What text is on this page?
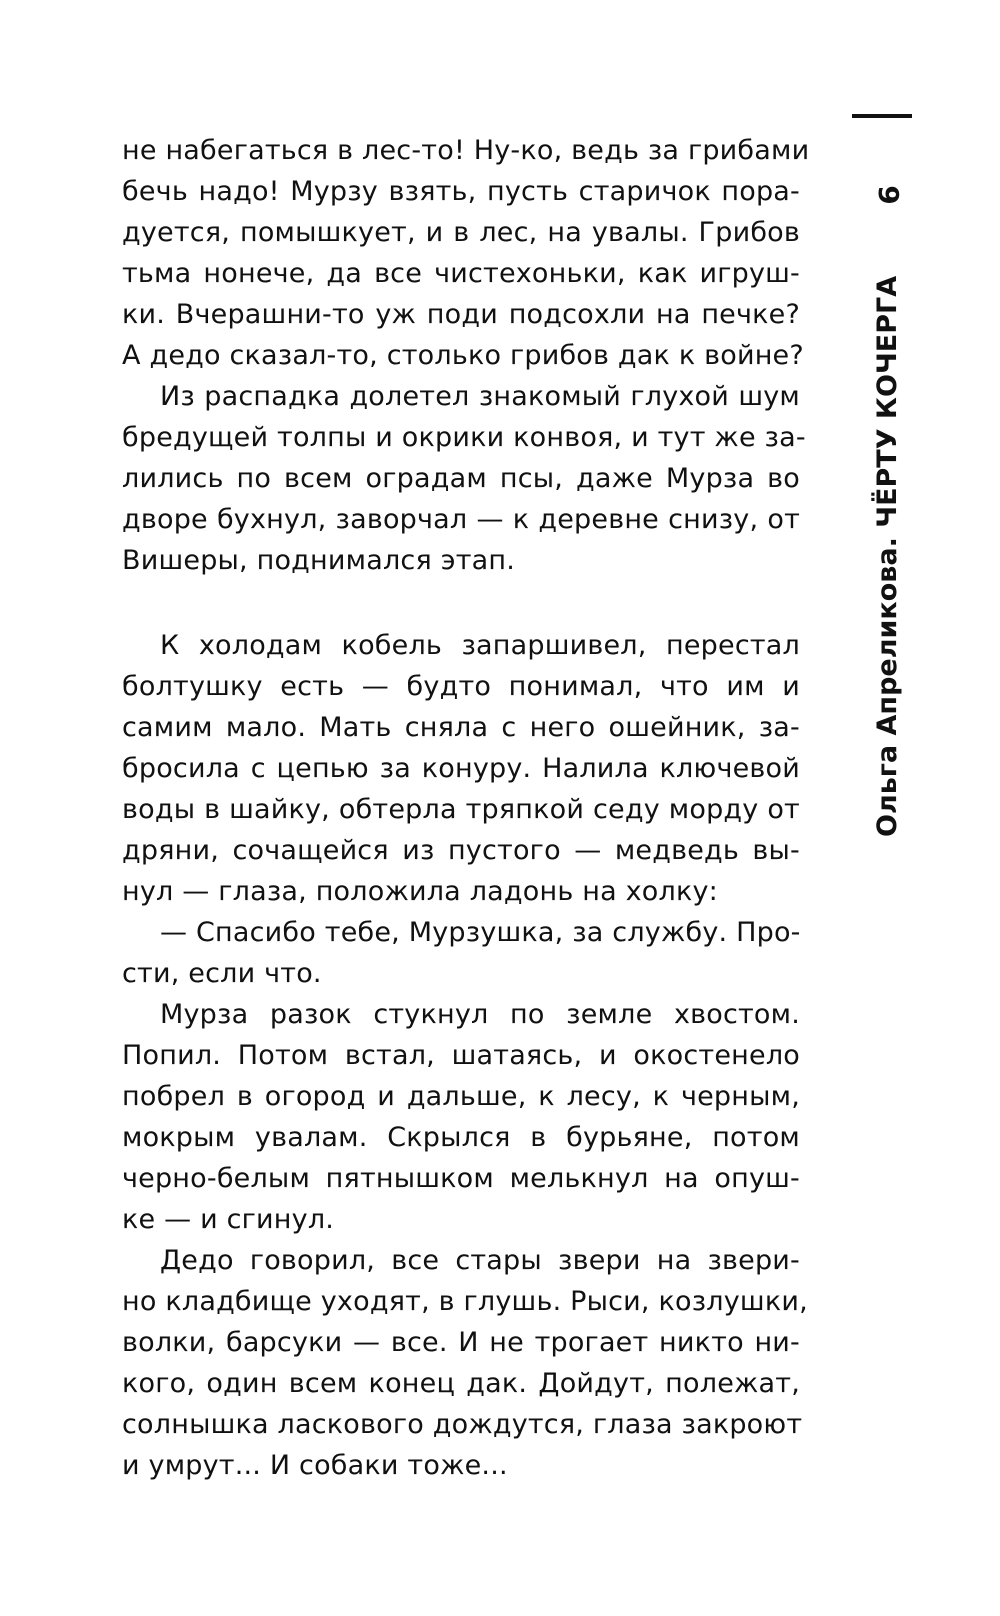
9
Ольга Апреликова. ЧЁРТУ КОЧЕРГА
не набегаться в лес-то! Ну-ко, ведь за грибами
бечь надо! Мурзу взять, пусть старичок пора-
дуется, помышкует, и в лес, на увалы. Грибов
тьма нонече, да все чистехоньки, как игруш-
ки. Вчерашни-то уж поди подсохли на печке?
А дедо сказал-то, столько грибов дак к войне?
Из распадка долетел знакомый глухой шум
бредущей толпы и окрики конвоя, и тут же за-
лились по всем оградам псы, даже Мурза во
дворе бухнул, заворчал — к деревне снизу, от
Вишеры, поднимался этап.
К холодам кобель запаршивел, перестал
болтушку есть — будто понимал, что им и
самим мало. Мать сняла с него ошейник, за-
бросила с цепью за конуру. Налила ключевой
воды в шайку, обтерла тряпкой седу морду от
дряни, сочащейся из пустого — медведь вы-
нул — глаза, положила ладонь на холку:
— Спасибо тебе, Мурзушка, за службу. Про-
сти, если что.
Мурза разок стукнул по земле хвостом.
Попил. Потом встал, шатаясь, и окостенело
побрел в огород и дальше, к лесу, к черным,
мокрым увалам. Скрылся в бурьяне, потом
черно-белым пятнышком мелькнул на опуш-
ке — и сгинул.
Дедо говорил, все стары звери на звери-
но кладбище уходят, в глушь. Рыси, козлушки,
волки, барсуки — все. И не трогает никто ни-
кого, один всем конец дак. Дойдут, полежат,
солнышка ласкового дождутся, глаза закроют
и умрут... И собаки тоже...
